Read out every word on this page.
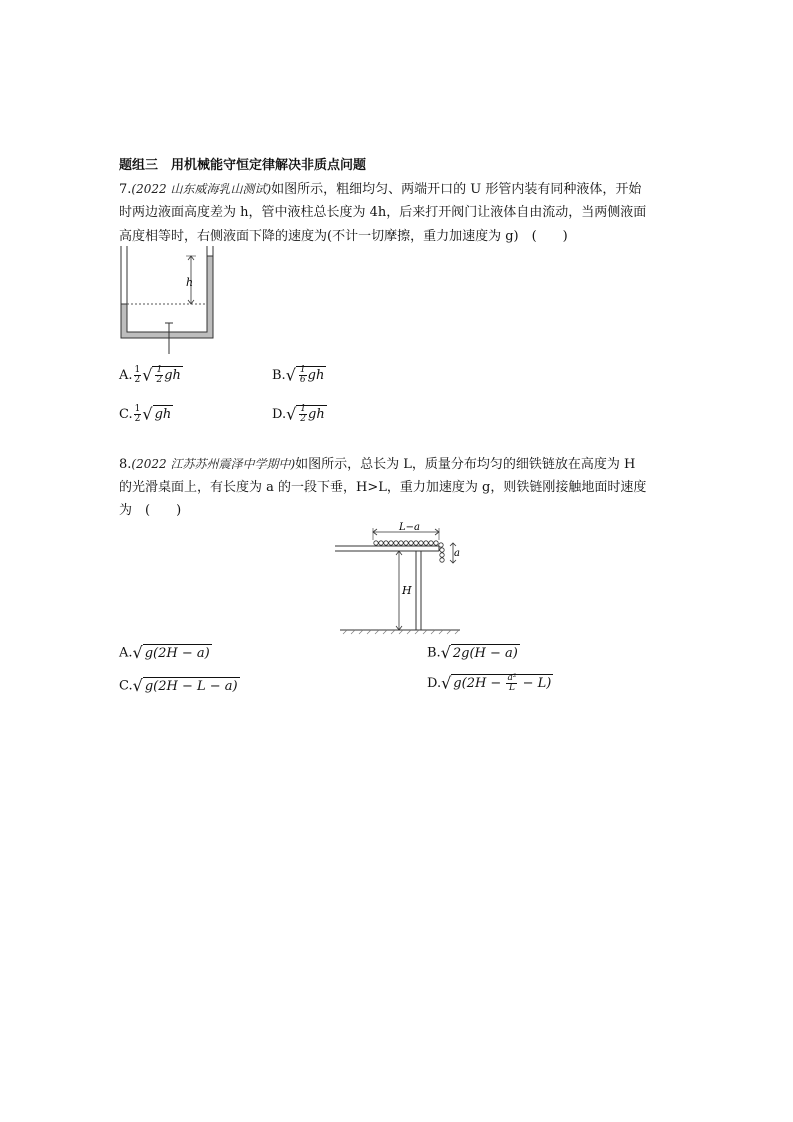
题组三　用机械能守恒定律解决非质点问题
7.(2022 山东威海乳山测试)如图所示，粗细均匀、两端开口的 U 形管内装有同种液体，开始
时两边液面高度差为 h，管中液柱总长度为 4h，后来打开阀门让液体自由流动，当两侧液面
高度相等时，右侧液面下降的速度为(不计一切摩擦，重力加速度为 g)　(　　)
h
A. $\frac{1}{2}$ √ $\frac{1}{2}$ gh	$B.√ \frac{1}{6}$ gh
C. $\frac{1}{2}$ √ gh	$D.√ \frac{1}{2}$ gh
8.(2022 江苏苏州震泽中学期中)如图所示，总长为 L，质量分布均匀的细铁链放在高度为 H
的光滑桌面上，有长度为 a 的一段下垂，H>L，重力加速度为 g，则铁链刚接触地面时速度
为　(　　)
L−a
a
H
A.√ g(2H − a)	B.√ 2g(H − a)
C.√ g(2H − L − a)	D.√ $g(2H - \frac{\text{a²}}{L} - L)$
